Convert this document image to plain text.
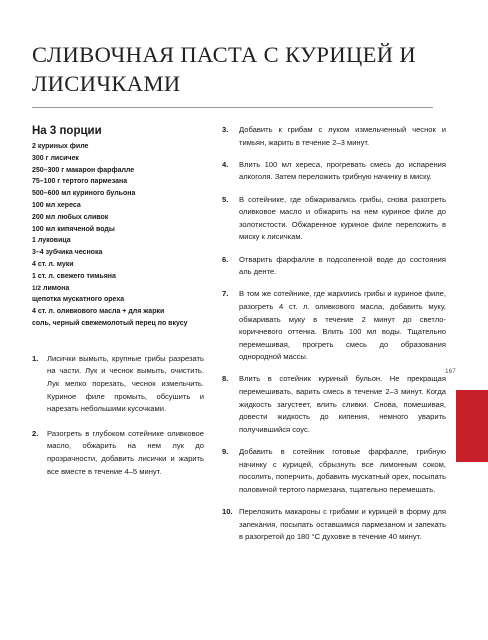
СЛИВОЧНАЯ ПАСТА С КУРИЦЕЙ И ЛИСИЧКАМИ
На 3 порции
2 куриных филе
300 г лисичек
250–300 г макарон фарфалле
75–100 г тертого пармезана
500–600 мл куриного бульона
100 мл хереса
200 мл любых сливок
100 мл кипяченой воды
1 луковица
3–4 зубчика чеснока
4 ст. л. муки
1 ст. л. свежего тимьяна
1/2 лимона
щепотка мускатного ореха
4 ст. л. оливкового масла + для жарки
соль, черный свежемолотый перец по вкусу
1.	Лисички вымыть, крупные грибы разрезать на части. Лук и чеснок вымыть, очистить. Лук мелко порезать, чеснок измельчить. Куриное филе промыть, обсушить и нарезать небольшими кусочками.
2.	Разогреть в глубоком сотейнике оливковое масло, обжарить на нем лук до прозрачности, добавить лисички и жарить все вместе в течение 4–5 минут.
3.	Добавить к грибам с луком измельченный чеснок и тимьян, жарить в течение 2–3 минут.
4.	Влить 100 мл хереса, прогревать смесь до испарения алкоголя. Затем переложить грибную начинку в миску.
5.	В сотейнике, где обжаривались грибы, снова разогреть оливковое масло и обжарить на нем куриное филе до золотистости. Обжаренное куриное филе переложить в миску к лисичкам.
6.	Отварить фарфалле в подсоленной воде до состояния аль денте.
7.	В том же сотейнике, где жарились грибы и куриное филе, разогреть 4 ст. л. оливкового масла, добавить муку, обжаривать муку в течение 2 минут до светло-коричневого оттенка. Влить 100 мл воды. Тщательно перемешивая, прогреть смесь до образования однородной массы.
8.	Влить в сотейник куриный бульон. Не прекращая перемешивать, варить смесь в течение 2–3 минут. Когда жидкость загустеет, влить сливки. Снова, помешивая, довести жидкость до кипения, немного уварить получившийся соус.
9.	Добавить в сотейник готовые фарфалле, грибную начинку с курицей, сбрызнуть все лимонным соком, посолить, поперчить, добавить мускатный орех, посыпать половиной тертого пармезана, тщательно перемешать.
10. Переложить макароны с грибами и курицей в форму для запекания, посыпать оставшимся пармезаном и запекать в разогретой до 180 °С духовке в течение 40 минут.
167
